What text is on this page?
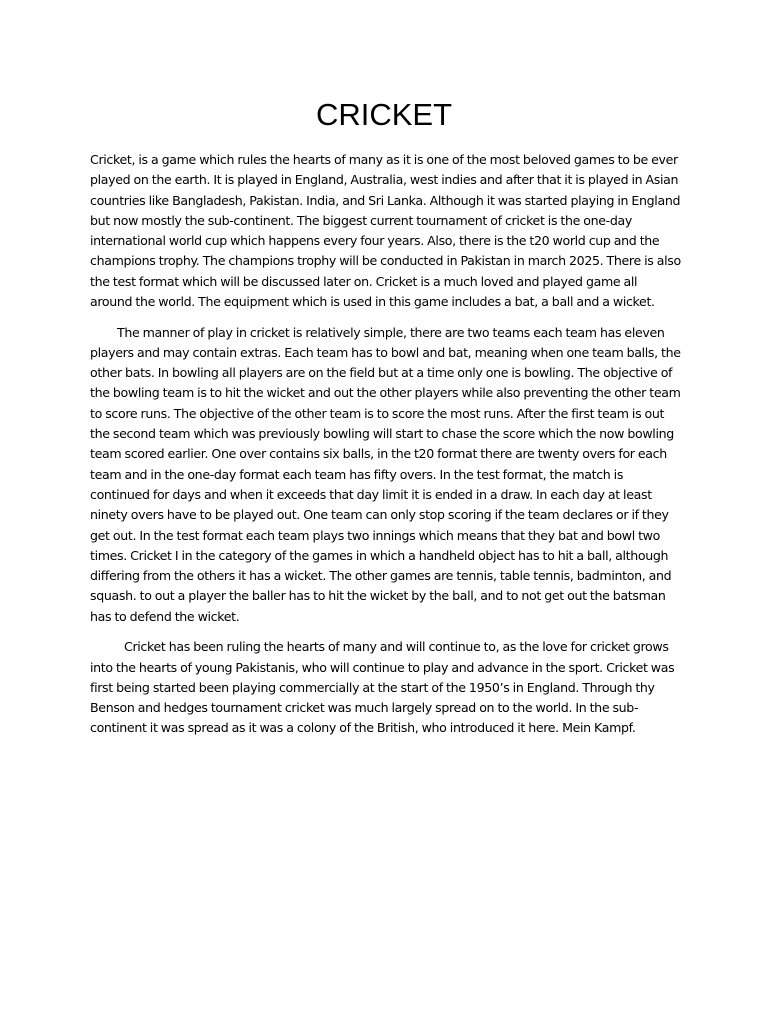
CRICKET

Cricket, is a game which rules the hearts of many as it is one of the most beloved games to be ever played on the earth. It is played in England, Australia, west indies and after that it is played in Asian countries like Bangladesh, Pakistan. India, and Sri Lanka. Although it was started playing in England but now mostly the sub-continent. The biggest current tournament of cricket is the one-day international world cup which happens every four years. Also, there is the t20 world cup and the champions trophy. The champions trophy will be conducted in Pakistan in march 2025. There is also the test format which will be discussed later on. Cricket is a much loved and played game all around the world. The equipment which is used in this game includes a bat, a ball and a wicket.

The manner of play in cricket is relatively simple, there are two teams each team has eleven players and may contain extras. Each team has to bowl and bat, meaning when one team balls, the other bats. In bowling all players are on the field but at a time only one is bowling. The objective of the bowling team is to hit the wicket and out the other players while also preventing the other team to score runs. The objective of the other team is to score the most runs. After the first team is out the second team which was previously bowling will start to chase the score which the now bowling team scored earlier. One over contains six balls, in the t20 format there are twenty overs for each team and in the one-day format each team has fifty overs. In the test format, the match is continued for days and when it exceeds that day limit it is ended in a draw. In each day at least ninety overs have to be played out. One team can only stop scoring if the team declares or if they get out. In the test format each team plays two innings which means that they bat and bowl two times. Cricket I in the category of the games in which a handheld object has to hit a ball, although differing from the others it has a wicket. The other games are tennis, table tennis, badminton, and squash. to out a player the baller has to hit the wicket by the ball, and to not get out the batsman has to defend the wicket.

Cricket has been ruling the hearts of many and will continue to, as the love for cricket grows into the hearts of young Pakistanis, who will continue to play and advance in the sport. Cricket was first being started been playing commercially at the start of the 1950’s in England. Through thy Benson and hedges tournament cricket was much largely spread on to the world. In the sub-continent it was spread as it was a colony of the British, who introduced it here. Mein Kampf.
